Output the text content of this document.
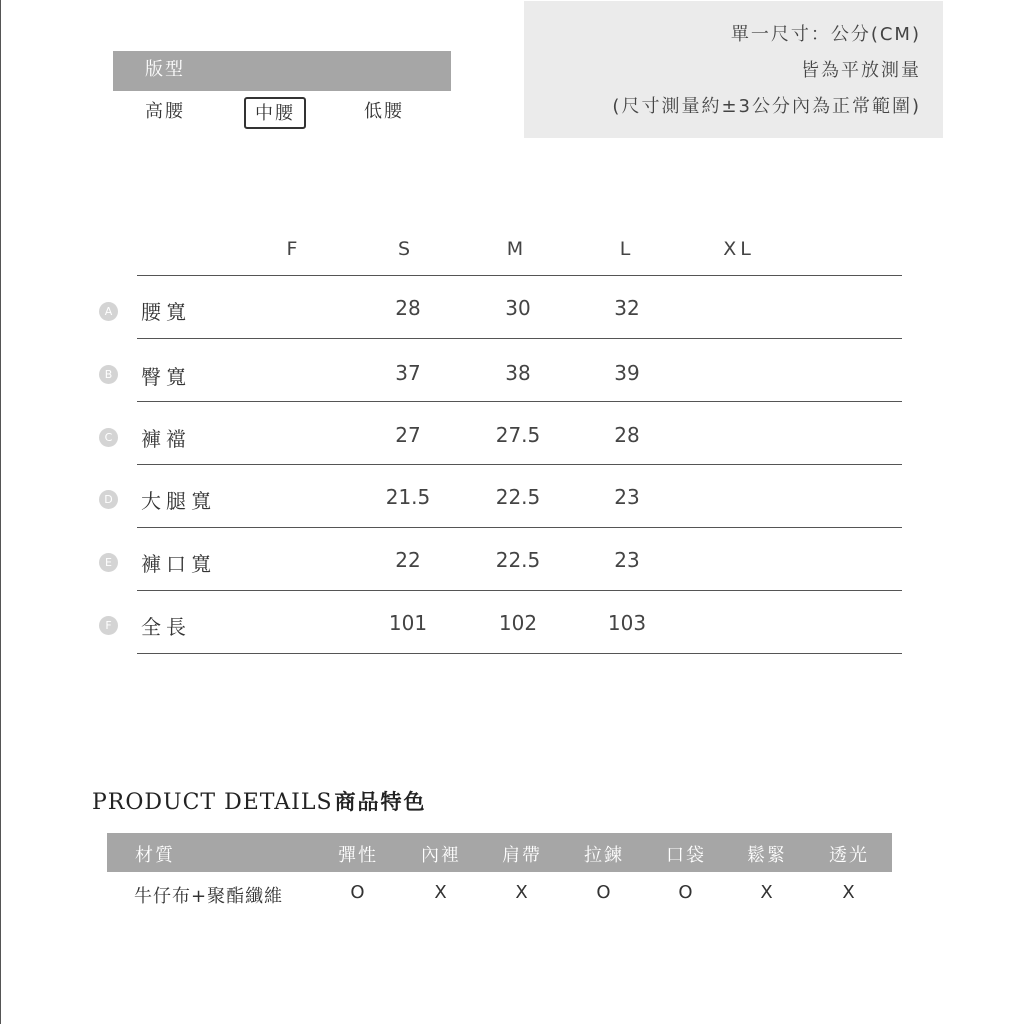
版型
高腰	中腰	低腰
單一尺寸：公分(CM)
皆為平放測量
(尺寸測量約±3公分內為正常範圍)
F	S	M	L	XL
A 腰寬	28	30	32
B 臀寬	37	38	39
C 褲襠	27	27.5	28
D 大腿寬	21.5	22.5	23
E	褲口寬	22	22.5	23
F	全長	101	102	103
PRODUCT DETAILS商品特色
材質	彈性	內裡	肩帶	拉鍊	口袋	鬆緊	透光
牛仔布+聚酯纖維	O	X	X	O	O	X	X
